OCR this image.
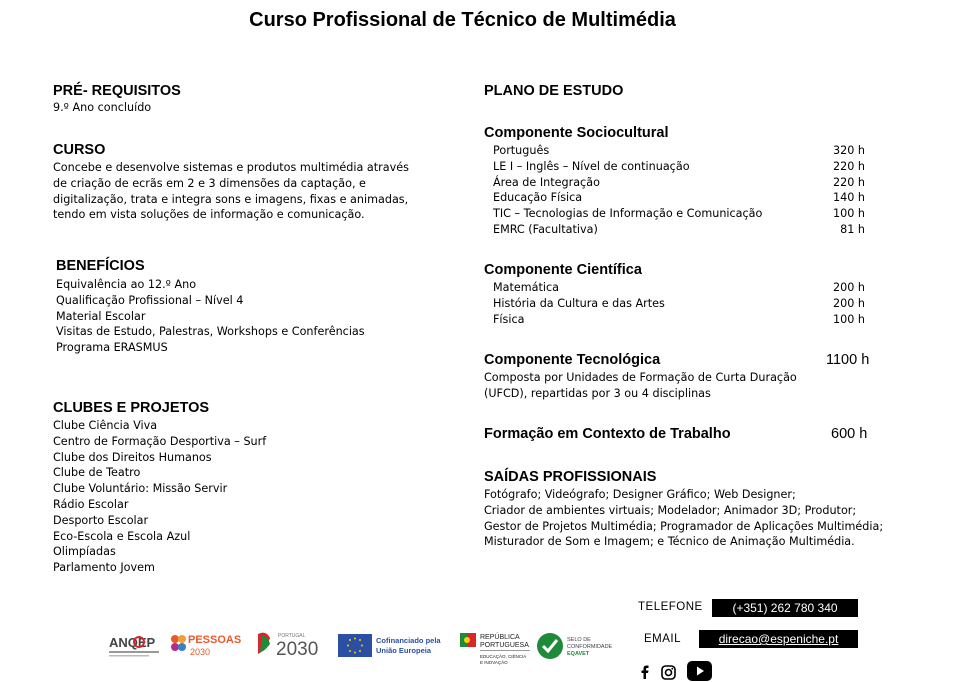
Curso Profissional de Técnico de Multimédia
PRÉ- REQUISITOS
9.º Ano concluído
CURSO
Concebe e desenvolve sistemas e produtos multimédia através
de criação de ecrãs em 2 e 3 dimensões da captação, e
digitalização, trata e integra sons e imagens, fixas e animadas,
tendo em vista soluções de informação e comunicação.
BENEFÍCIOS
Equivalência ao 12.º Ano
Qualificação Profissional – Nível 4
Material Escolar
Visitas de Estudo, Palestras, Workshops e Conferências
Programa ERASMUS
CLUBES E PROJETOS
Clube Ciência Viva
Centro de Formação Desportiva – Surf
Clube dos Direitos Humanos
Clube de Teatro
Clube Voluntário: Missão Servir
Rádio Escolar
Desporto Escolar
Eco-Escola e Escola Azul
Olimpíadas
Parlamento Jovem
PLANO DE ESTUDO
Componente Sociocultural
Português	320 h
LE I – Inglês – Nível de continuação	220 h
Área de Integração	220 h
Educação Física	140 h
TIC – Tecnologias de Informação e Comunicação	100 h
EMRC (Facultativa)	81 h
Componente Científica
Matemática	200 h
História da Cultura e das Artes	200 h
Física	100 h
Componente Tecnológica	1100 h
Composta por Unidades de Formação de Curta Duração
(UFCD), repartidas por 3 ou 4 disciplinas
Formação em Contexto de Trabalho	600 h
SAÍDAS PROFISSIONAIS
Fotógrafo; Videógrafo; Designer Gráfico; Web Designer;
Criador de ambientes virtuais; Modelador; Animador 3D; Produtor;
Gestor de Projetos Multimédia; Programador de Aplicações Multimédia;
Misturador de Som e Imagem; e Técnico de Animação Multimédia.
ANQEP	PESSOAS
2030
PORTUGAL
2030	Cofinanciado pela
União Europeia
REPÚBLICA
PORTUGUESA
EDUCAÇÃO, CIÊNCIA
E INOVAÇÃO
SELO DE
CONFORMIDADE
EQAVET
TELEFONE	(+351) 262 780 340
EMAIL	direcao@espeniche.pt
